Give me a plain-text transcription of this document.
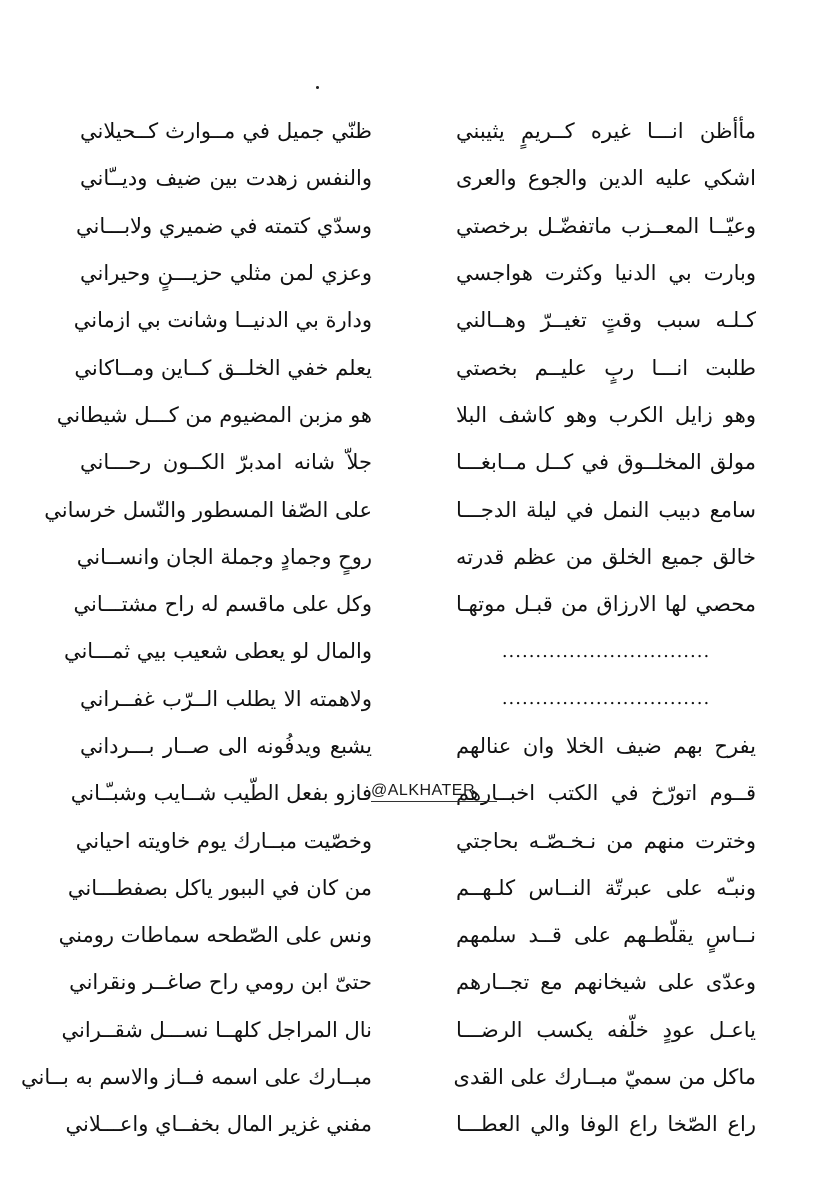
مأأظن انـــا غيره كــريمٍ يثيبني
ظنّي جميل في مــوارث كــحيلاني
اشكي عليه الدين والجوع والعرى
والنفس زهدت بين ضيف وديــّاني
وعيّــا المعــزب ماتفضّـل برخصتي
وسدّي كتمته في ضميري ولابـــاني
وبارت بي الدنيا وكثرت هواجسي
وعزي لمن مثلي حزيـــنٍ وحيراني
كـلـه سبب وقتٍ تغيــرّ وهــالني
ودارة بي الدنيــا وشانت بي ازماني
طلبت انـــا ربٍ عليــم بخصتي
يعلم خفي الخلــق كــاين ومــاكاني
وهو زايل الكرب وهو كاشف البلا
هو مزبن المضيوم من كـــل شيطاني
مولق المخلــوق في كــل مــابغـــا
جلاّ شانه امدبرّ الكــون رحـــاني
سامع دبيب النمل في ليلة الدجـــا
على الصّفا المسطور والنّسل خرساني
خالق جميع الخلق من عظم قدرته
روحٍ وجمادٍ وجملة الجان وانســاني
محصي لها الارزاق من قبـل موتهـا
وكل على ماقسم له راح مشتـــاني
...............................
والمال لو يعطى شعيب بيي ثمـــاني
...............................
ولاهمته الا يطلب الــرّب غفــراني
يفرح بهم ضيف الخلا وان عنالهم
يشبع ويدفُونه الى صــار بـــرداني
قــوم اتورّخ في الكتب اخبــارهم
فازو بفعل الطّيب شــايب وشبـّـاني
وخترت منهم من نـخـصّـه بحاجتي
وخصّيت مبــارك يوم خاويته احياني
ونبـّه على عبرتّة النــاس كلـهــم
من كان في الببور ياكل بصفطـــاني
نــاسٍ يقلّطـهم على قــد سلمهم
ونس على الصّطحه سماطات رومني
وعدّى على شيخانهم مع تجــارهم
حتىّ ابن رومي راح صاغــر ونقراني
ياعـل عودٍ خلّفه يكسب الرضـــا
نال المراجل كلهــا نســـل شقــراني
ماكل من سميّ مبــارك على القدى
مبــارك على اسمه فــاز والاسم به بــاني
راع الصّخا راع الوفا والي العطـــا
مفني غزير المال بخفــاي واعـــلاني
@ALKHATER
